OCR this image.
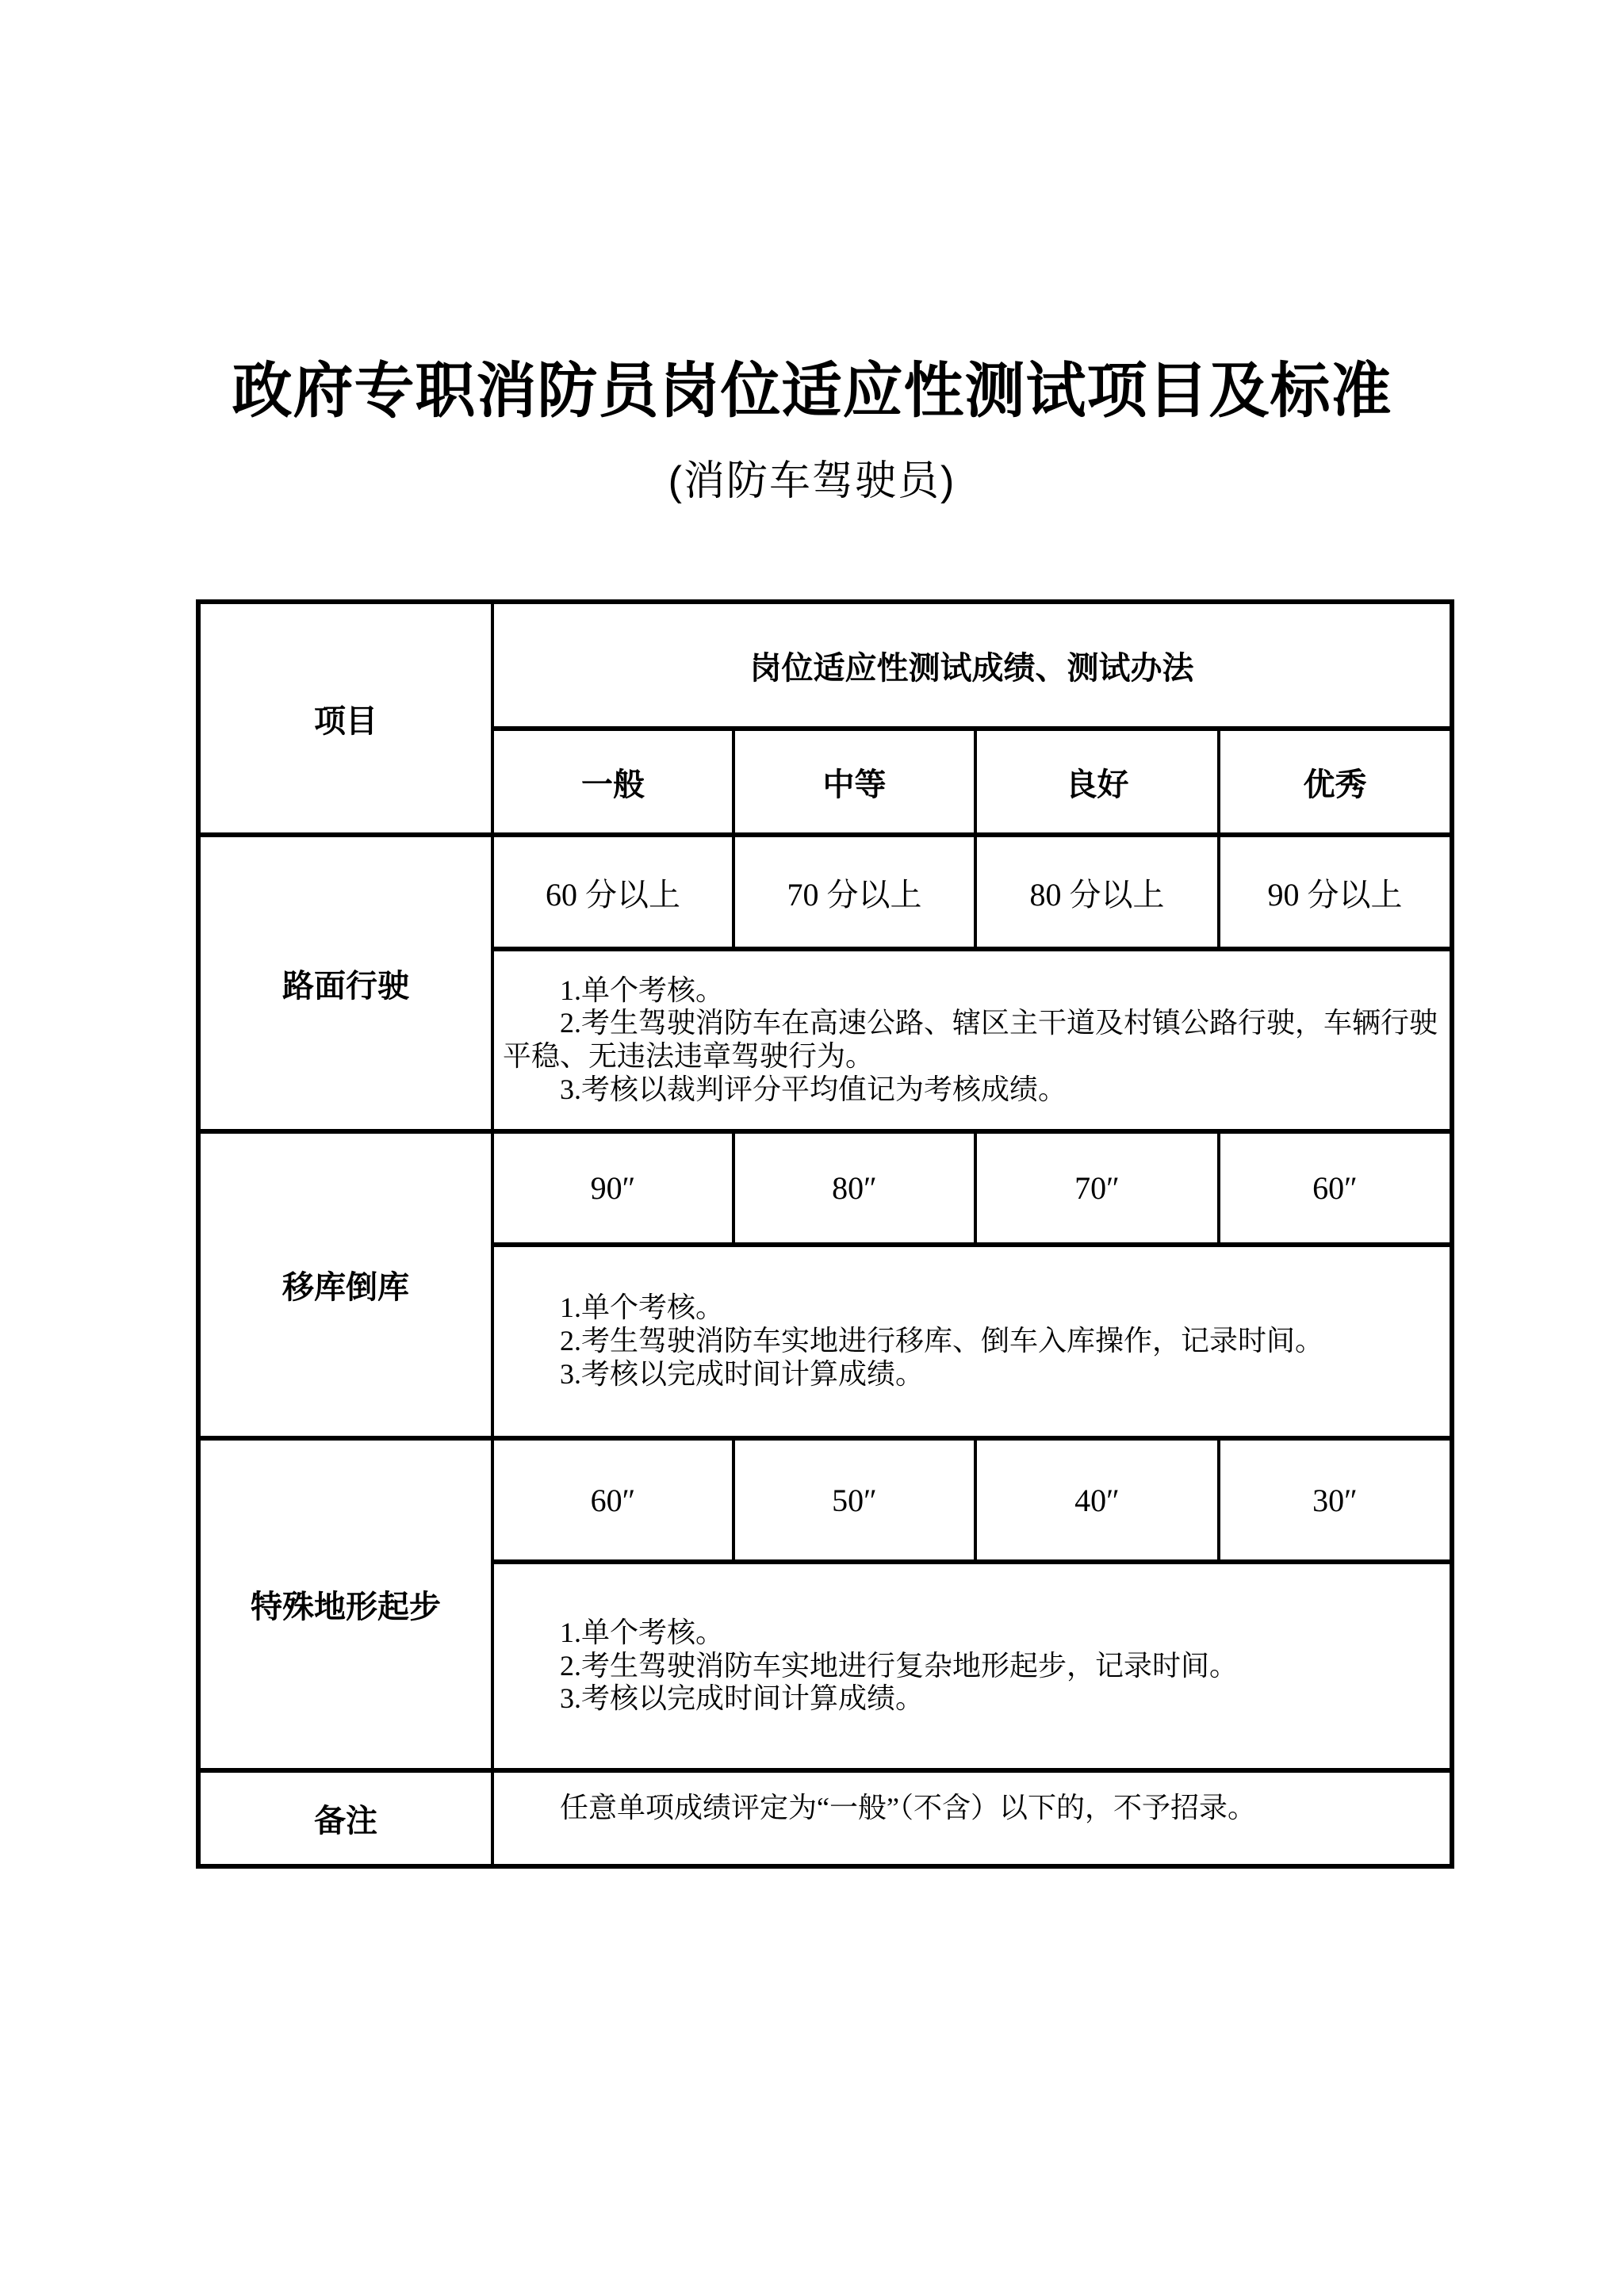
政府专职消防员岗位适应性测试项目及标准
(消防车驾驶员)
项目	岗位适应性测试成绩、测试办法			
	一般	中等	良好	优秀
路面行驶	60 分以上	70 分以上	80 分以上	90 分以上

	1.单个考核。

2.考生驾驶消防车在高速公路、辖区主干道及村镇公路行驶，车辆行驶平稳、无违法违章驾驶行为。

3.考核以裁判评分平均值记为考核成绩。			

移库倒库	90″	80″	70″	60″

	1.单个考核。

2.考生驾驶消防车实地进行移库、倒车入库操作，记录时间。

3.考核以完成时间计算成绩。			

特殊地形起步	60″	50″	40″	30″

	1.单个考核。

2.考生驾驶消防车实地进行复杂地形起步，记录时间。

3.考核以完成时间计算成绩。			

备注	任意单项成绩评定为“一般”（不含）以下的，不予招录。			
